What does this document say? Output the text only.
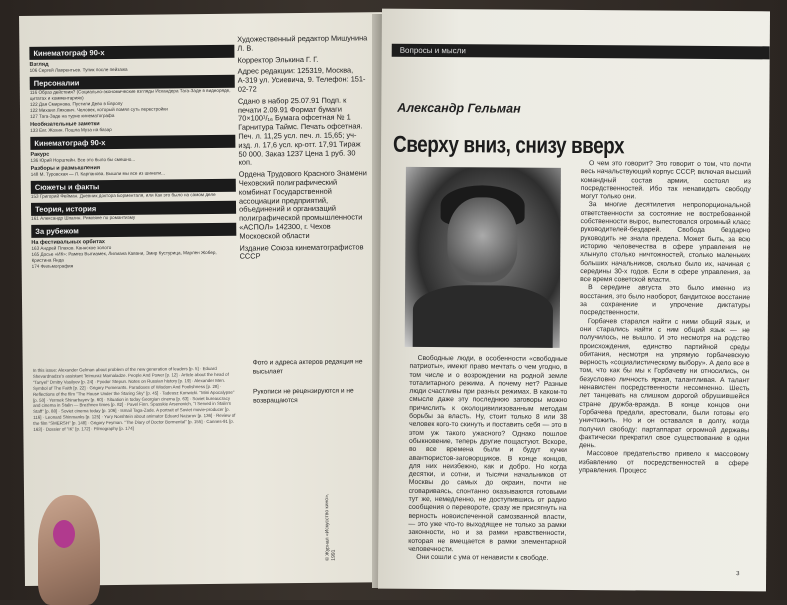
Кинематограф 90-х
Взгляд
106 Сергей Лаврентьев. Тупик после пейзажа
Персоналии
116 Образ действия? (Социально-экономические взгляды Искандера Тага-Заде в видеоряде, цитатах и комментариях)
122 Дая Смирнова. Пустили Дево в Европу
122 Михаил Ляхович. Человек, который помял суть перестройки
127 Тага-Заде на турне кинематографа
Необязательные заметки
133 Евг. Жохин. Пошла Муза на базар
Кинематограф 90-х
Ракурс
136 Юрий Норштейн. Все это было бы смешно...
Разборы и размышления
148 М. Туровская — Л. Карпанова. Вышли мы все из шинели...
Сюжеты и факты
153 Григорий Фейман. Дневник доктора Борменталя, или Как это было на самом деле
Теория, история
161 Александр Шпагин. Римляне по романтизму
За рубежом
На фестивальных орбитах
163 Андрей Плахов. Каннское золото
165 Досье «ИК»: Рамгез Вытиамек, Лилиана Кавани, Эмир Кустурица, Марлен Жобер, Кристина Янда
174 Фильмография

Художественный редактор Мишунина Л. В.

Корректор Элькина Г. Г.

Адрес редакции: 125319, Москва, А-319 ул. Усиевича, 9. Телефон: 151-02-72

Сдано в набор 25.07.91 Подп. к печати 2.09.91 Формат бумаги 70×100¹/₁₆ Бумага офсетная № 1 Гарнитура Таймс. Печать офсетная. Печ. л. 11,25 усл. печ. л. 15,65; уч-изд. л. 17,6 усл. кр-отт. 17,91 Тираж 50 000. Заказ 1237 Цена 1 руб. 30 коп.

Ордена Трудового Красного Знамени Чеховский полиграфический комбинат Государственной ассоциации предприятий, объединений и организаций полиграфической промышленности «АСПОЛ» 142300, г. Чехов Московской области

Издание Союза кинематографистов СССР

In this issue: Alexander Gelman about problem of the new generation of leaders [p. 5] · Eduard Shevardnadze's assistant Teimuraz Mamaladze. People And Power [p. 12] · Article about the head of "Tanyel" Dmitry Vasilyev [p. 24] · Fyodor Stepun. Notes on Russian history [p. 19] · Alexander Men. Symbol of The Faith [p. 22] · Grigory Pomerants. Paradoxes of Wisdom And Foolishness [p. 28] · Reflections of the film "The House Under the Staring Sky" [p. 45] · Tadeusz Konwicki. "Mini Apocalypse" [p. 50] · Yermek Shinarbayev [p. 60] · Situation in today Georgian cinema [p. 63] · Soviet bureaucracy and cinema in Stalin — Brezhnev times [p. 82] · Pavel Finn. Spasskie Arsenovich, "I Served in Stalin's Staff" [p. 88] · Soviet cinema today [p. 106] · Ismail Taga-Zade. A portrait of Soviet movie-producer [p. 116] · Leonard Shinmanks [p. 125] · Yury Norshtein about animator Eduard Nazarov [p. 136] · Review of the film "SMERSH" [p. 148] · Grigory Feyman. "The Diary of Doctor Bormental" [p. 155] · Cannes-91 [p. 163] · Dossier of "IK" [p. 172] · Filmography [p. 174]

Фото и адреса актеров редакция не высылает

Рукописи не рецензируются и не возвращаются

© Журнал «Искусство кино», 1991
Вопросы и мысли
Александр Гельман
Сверху вниз, снизу вверх

Свободные люди, в особенности «свободные патриоты», имеют право мечтать о чем угодно, в том числе и о возрождении на родной земле тоталитарного режима. А почему нет? Разные люди счастливы при разных режимах. В каком-то смысле даже эту последнюю заговоры можно причислить к околоцивилизованным методам борьбы за власть. Ну, стоит только 8 или 38 человек кого-то скинуть и поставить себя — это в этом уж такого ужасного? Однако пошлое обыкновение, теперь другие пощастуют. Вскоре, во все времена были и будут кучки авантюристов-заговорщиков. В конце концов, для них неизбежно, как и добро. Но когда десятки, и сотни, и тысячи начальников от Москвы до самых до окраин, почти не сговариваясь, спонтанно оказываются готовыми тут же, немедленно, не доступившись от радио сообщения о перевороте, сразу же присягнуть на верность новоиспеченной самозванной власти, — это уже что-то выходящее не только за рамки законности, но и за рамки нравственности, которая не вмещается в рамки элементарной человечности.

Они сошли с ума от ненависти к свободе.

О чем это говорит? Это говорит о том, что почти весь начальствующий корпус СССР, включая высший командный состав армии, состоял из посредственностей. Ибо так ненавидеть свободу могут только они.

За многие десятилетия непропорциональной ответственности за состояние не востребованной собственности вырос, выпестовался огромный класс руководителей-бездарей. Свобода бездарно руководить не знала предела. Может быть, за всю историю человечества в сфере управления не хлынуло столько ничтожностей, столько маленьких больших начальников, сколько было их, начиная с середины 30-х годов. Если в сфере управления, за все время советской власти.

В середине августа это было именно из восстания, это было наоборот, бандитское восстание за сохранение и упрочение диктатуры посредственности.

Горбачев старался найти с ними общий язык, и они старались найти с ним общий язык — не получилось, не вышло. И это несмотря на родство происхождения, единство партийной среды обитания, несмотря на упрямую горбачевскую верность «социалистическому выбору». А дело все в том, что как бы мы к Горбачеву ни относились, он безусловно личность яркая, талантливая. А талант ненавистен посредственности несомненно. Шесть лет танцевать на слишком дорогой обрушившейся стране дружба-вражда. В конце концов они Горбачева предали, арестовали, были готовы его уничтожить. Но и он оставался в долгу, когда получил свободу: партаппарат огромной державы фактически прекратил свое существование в одни день.

Массовое предательство привело к массовому избавлению от посредственностей в сфере управления. Процесс

3
